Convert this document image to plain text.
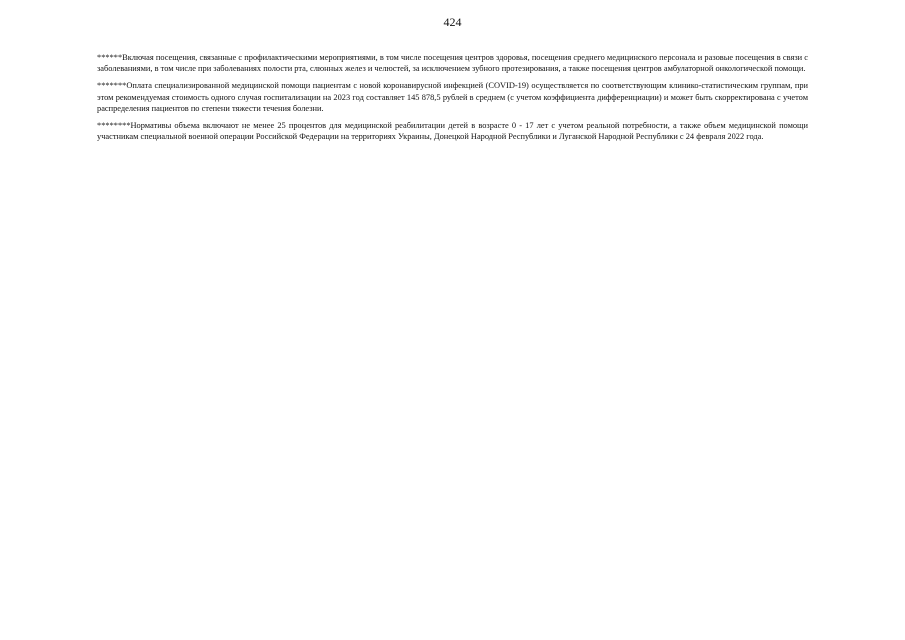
424

******Включая посещения, связанные с профилактическими мероприятиями, в том числе посещения центров здоровья, посещения среднего медицинского персонала и разовые посещения в связи с заболеваниями, в том числе при заболеваниях полости рта, слюнных желез и челюстей, за исключением зубного протезирования, а также посещения центров амбулаторной онкологической помощи.

*******Оплата специализированной медицинской помощи пациентам с новой коронавирусной инфекцией (COVID-19) осуществляется по соответствующим клинико-статистическим группам, при этом рекомендуемая стоимость одного случая госпитализации на 2023 год составляет 145 878,5 рублей в среднем (с учетом коэффициента дифференциации) и может быть скорректирована с учетом распределения пациентов по степени тяжести течения болезни.

********Нормативы объема включают не менее 25 процентов для медицинской реабилитации детей в возрасте 0 - 17 лет с учетом реальной потребности, а также объем медицинской помощи участникам специальной военной операции Российской Федерации на территориях Украины, Донецкой Народной Республики и Луганской Народной Республики с 24 февраля 2022 года.
